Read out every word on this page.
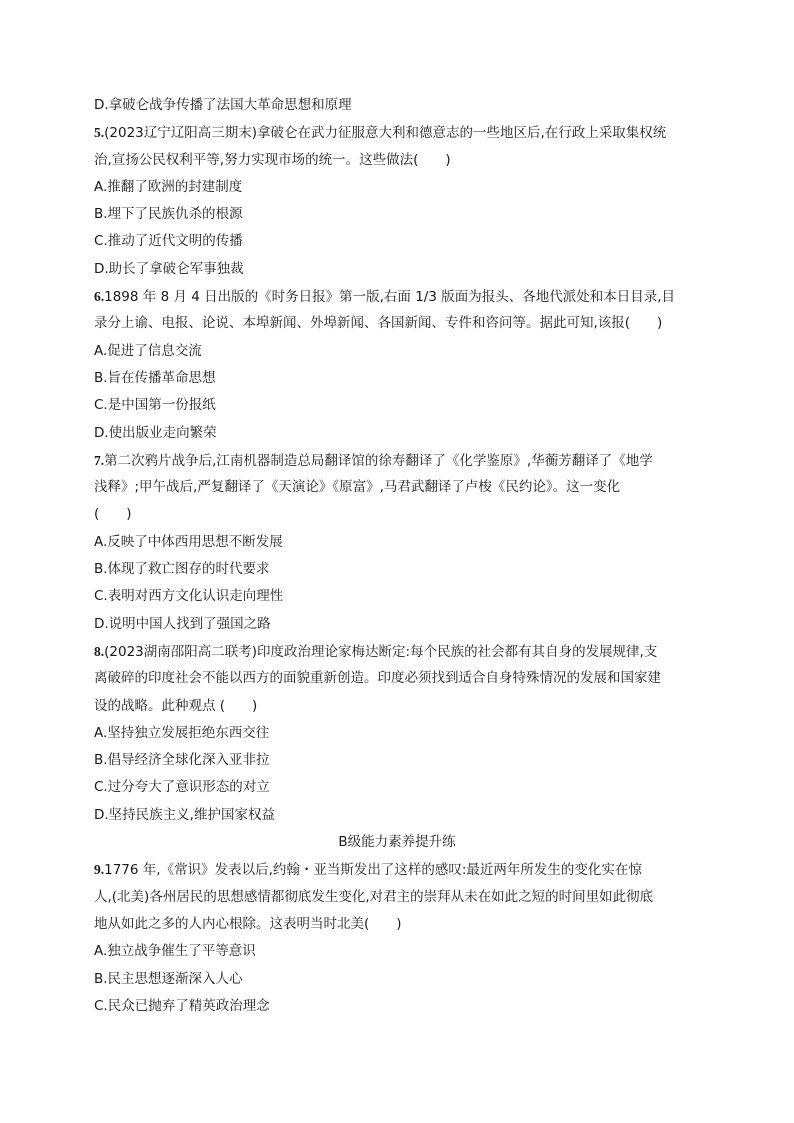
D.拿破仑战争传播了法国大革命思想和原理
5.(2023辽宁辽阳高三期末)拿破仑在武力征服意大利和德意志的一些地区后,在行政上采取集权统
治,宣扬公民权利平等,努力实现市场的统一。这些做法(　　)
A.推翻了欧洲的封建制度
B.埋下了民族仇杀的根源
C.推动了近代文明的传播
D.助长了拿破仑军事独裁
6.1898 年 8 月 4 日出版的《时务日报》第一版,右面 1/3 版面为报头、各地代派处和本日目录,目
录分上谕、电报、论说、本埠新闻、外埠新闻、各国新闻、专件和咨问等。据此可知,该报(　　)
A.促进了信息交流
B.旨在传播革命思想
C.是中国第一份报纸
D.使出版业走向繁荣
7.第二次鸦片战争后,江南机器制造总局翻译馆的徐寿翻译了《化学鉴原》,华蘅芳翻译了《地学
浅释》;甲午战后,严复翻译了《天演论》《原富》,马君武翻译了卢梭《民约论》。这一变化
(　　)
A.反映了中体西用思想不断发展
B.体现了救亡图存的时代要求
C.表明对西方文化认识走向理性
D.说明中国人找到了强国之路
8.(2023湖南邵阳高二联考)印度政治理论家梅达断定:每个民族的社会都有其自身的发展规律,支
离破碎的印度社会不能以西方的面貌重新创造。印度必须找到适合自身特殊情况的发展和国家建
设的战略。此种观点 (　　)
A.坚持独立发展拒绝东西交往
B.倡导经济全球化深入亚非拉
C.过分夸大了意识形态的对立
D.坚持民族主义,维护国家权益
B级能力素养提升练
9.1776 年,《常识》发表以后,约翰・亚当斯发出了这样的感叹:最近两年所发生的变化实在惊
人,(北美)各州居民的思想感情都彻底发生变化,对君主的崇拜从未在如此之短的时间里如此彻底
地从如此之多的人内心根除。这表明当时北美(　　)
A.独立战争催生了平等意识
B.民主思想逐渐深入人心
C.民众已抛弃了精英政治理念
